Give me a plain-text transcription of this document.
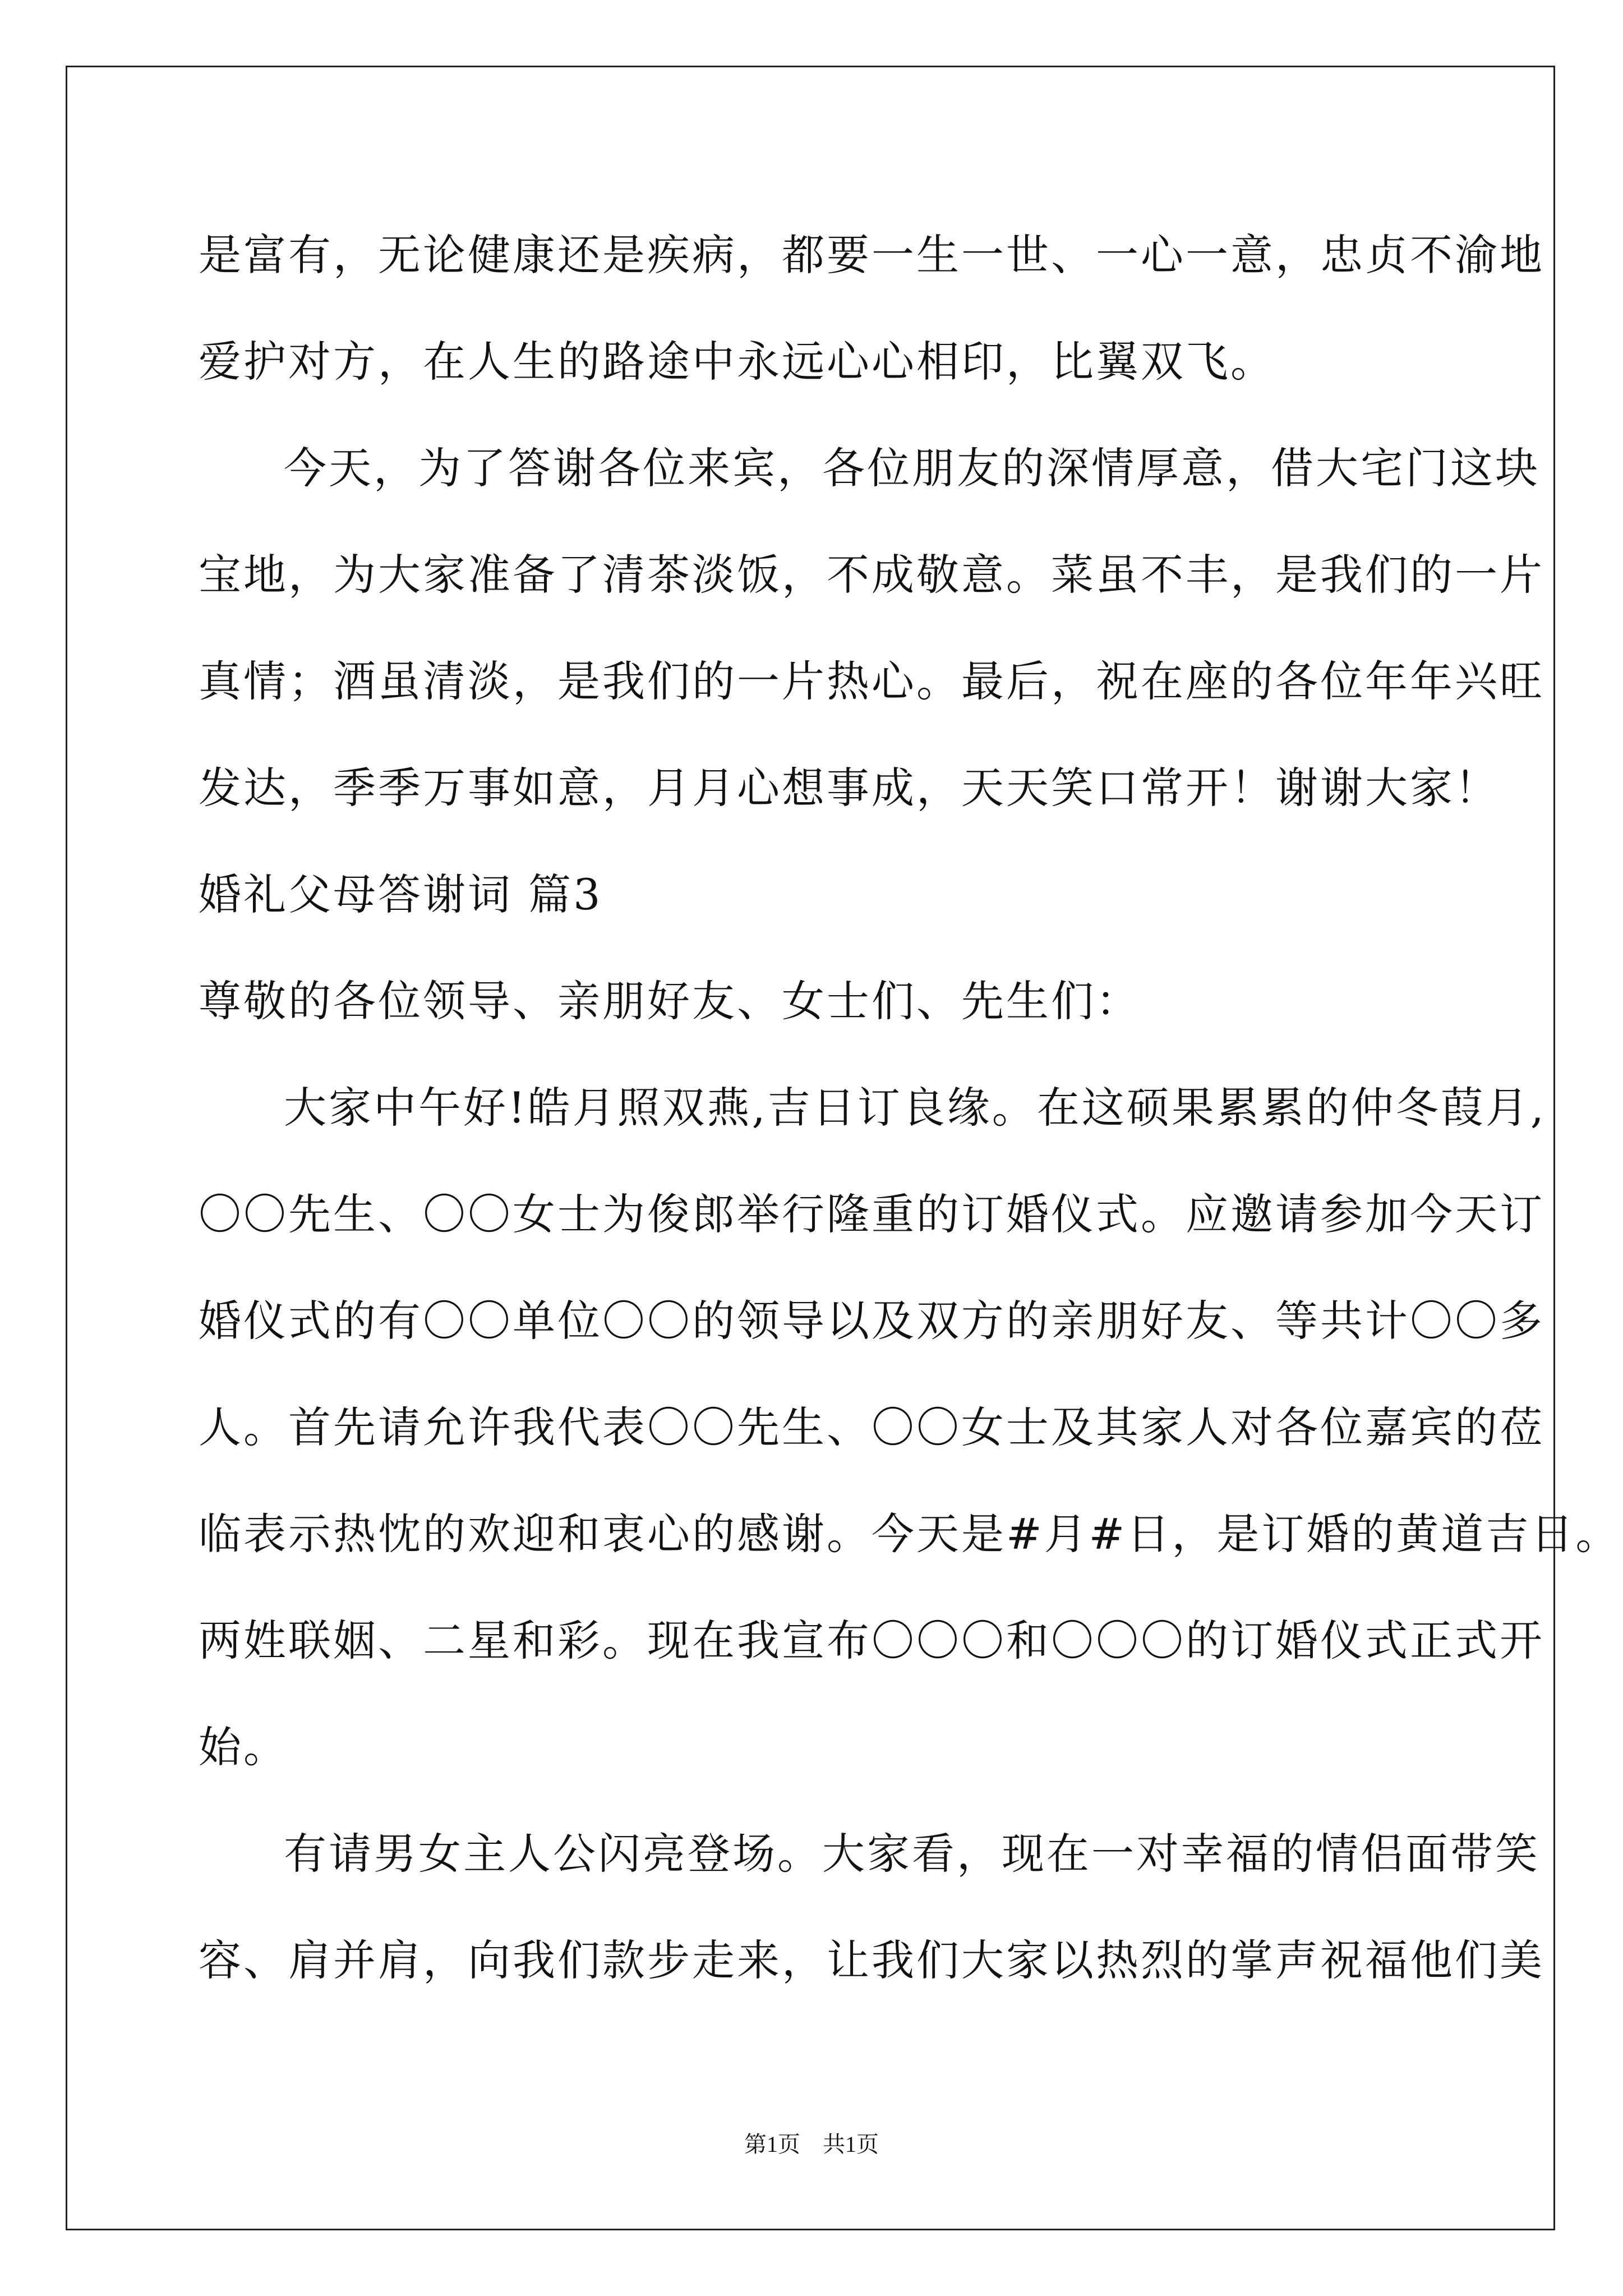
是富有，无论健康还是疾病，都要一生一世、一心一意，忠贞不渝地
爱护对方，在人生的路途中永远心心相印，比翼双飞。
今天，为了答谢各位来宾，各位朋友的深情厚意，借大宅门这块
宝地，为大家准备了清茶淡饭，不成敬意。菜虽不丰，是我们的一片
真情；酒虽清淡，是我们的一片热心。最后，祝在座的各位年年兴旺
发达，季季万事如意，月月心想事成，天天笑口常开！谢谢大家！
婚礼父母答谢词 篇3
尊敬的各位领导、亲朋好友、女士们、先生们：
大家中午好!皓月照双燕,吉日订良缘。在这硕果累累的仲冬葭月,
〇〇先生、〇〇女士为俊郎举行隆重的订婚仪式。应邀请参加今天订
婚仪式的有〇〇单位〇〇的领导以及双方的亲朋好友、等共计〇〇多
人。首先请允许我代表〇〇先生、〇〇女士及其家人对各位嘉宾的莅
临表示热忱的欢迎和衷心的感谢。今天是#月#日，是订婚的黄道吉日。
两姓联姻、二星和彩。现在我宣布〇〇〇和〇〇〇的订婚仪式正式开
始。
有请男女主人公闪亮登场。大家看，现在一对幸福的情侣面带笑
容、肩并肩，向我们款步走来，让我们大家以热烈的掌声祝福他们美
第1页　共1页
